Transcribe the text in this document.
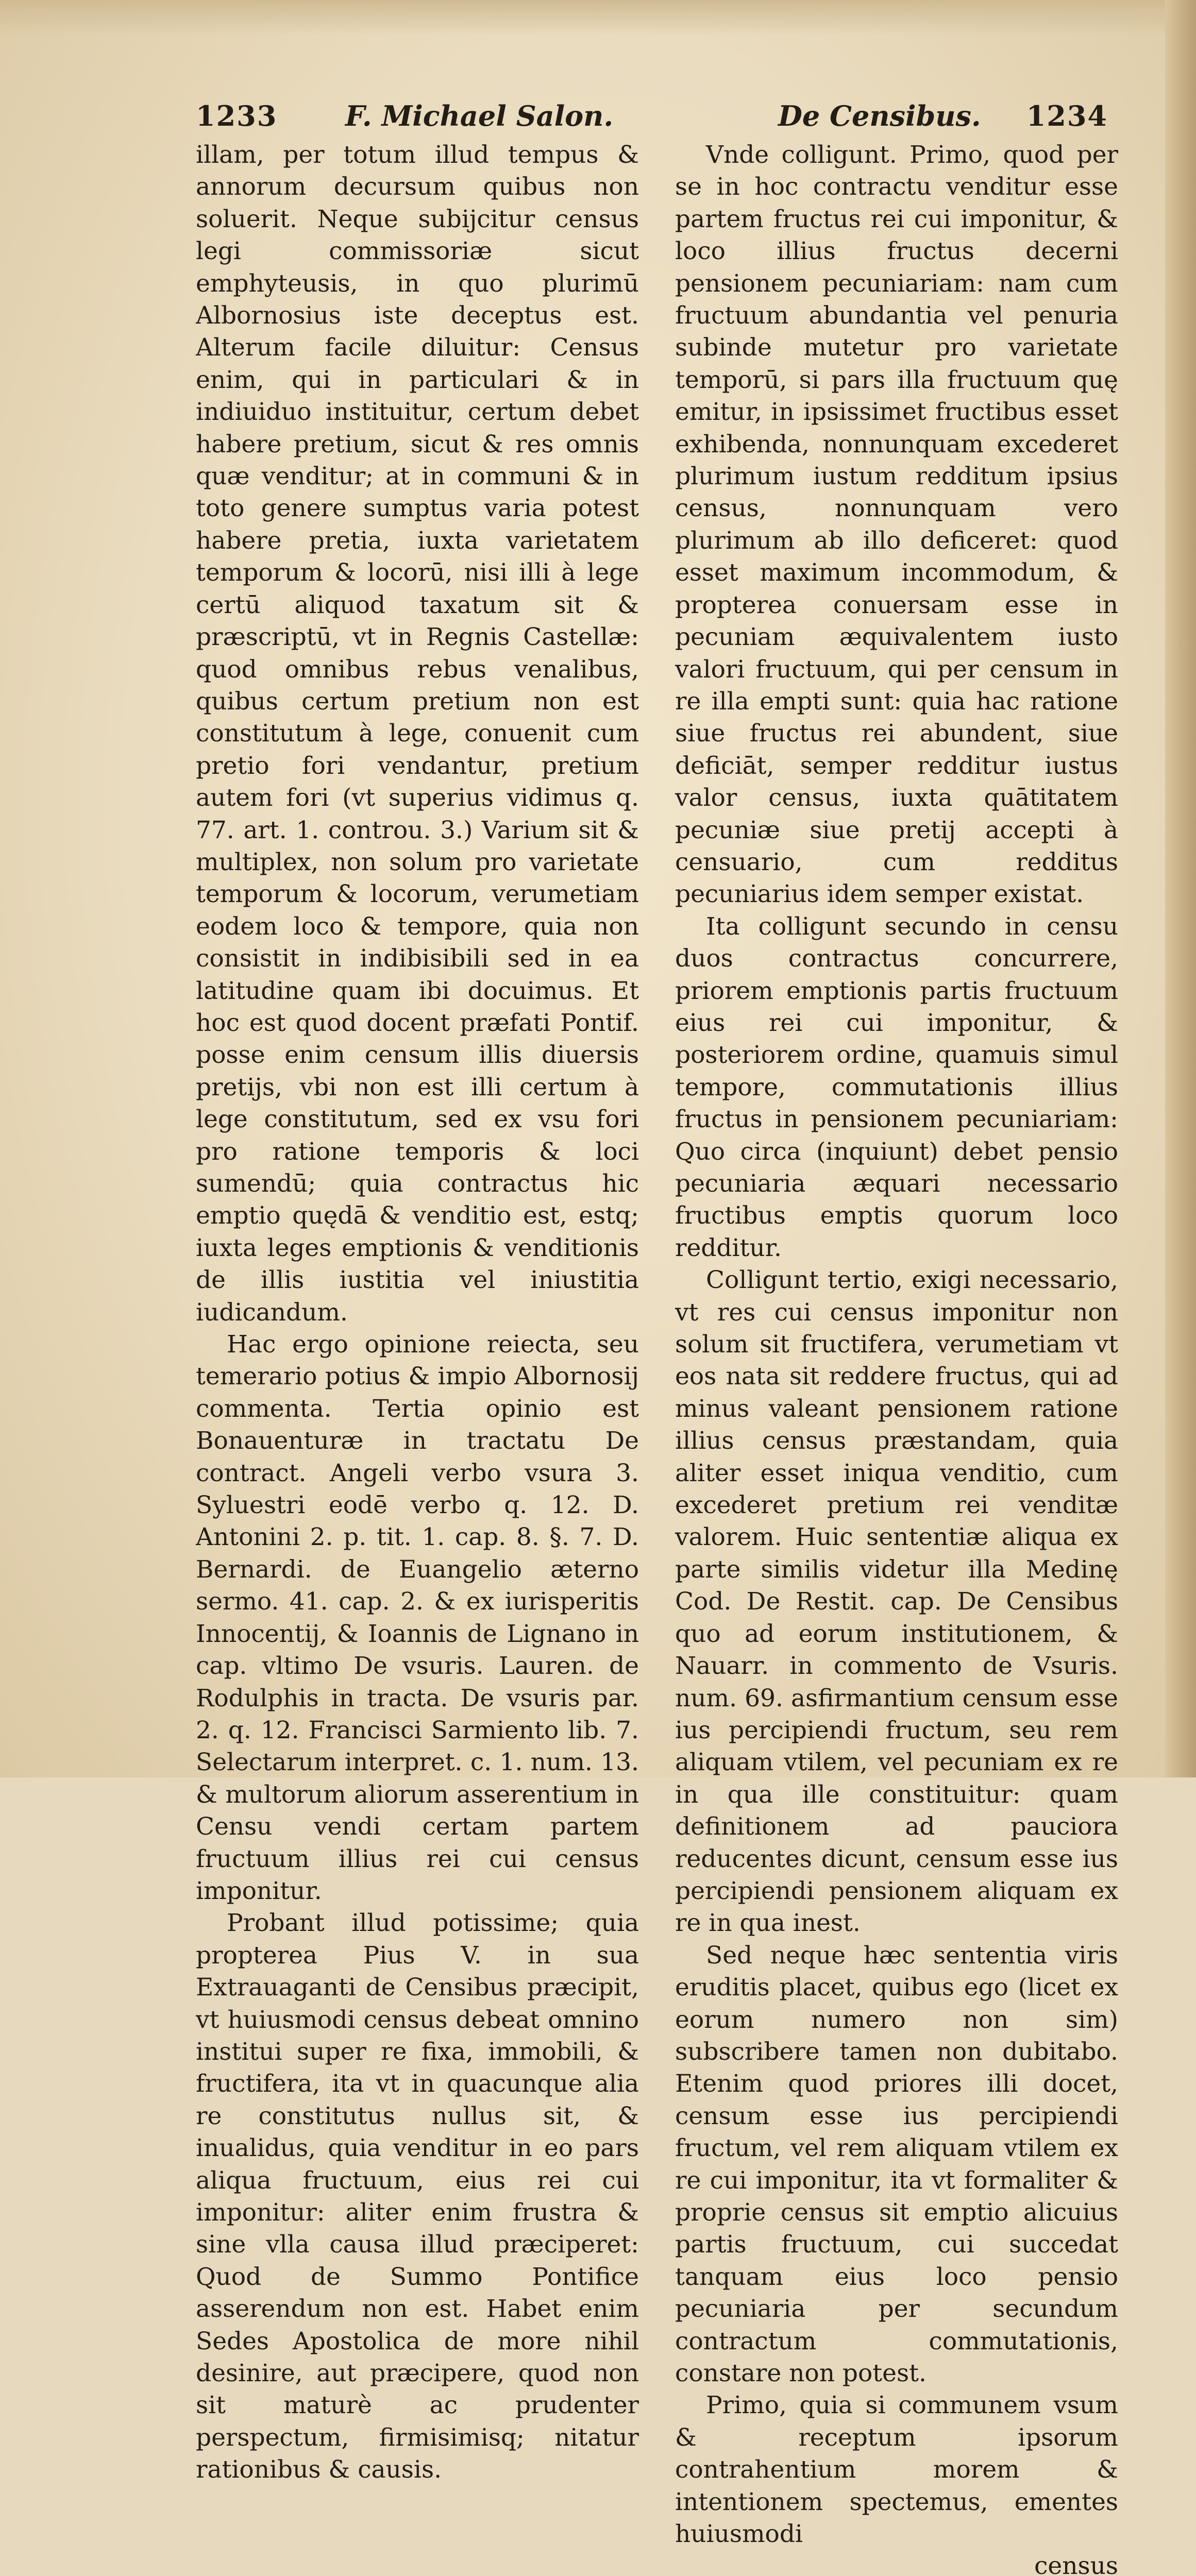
1233 F. Michael Salon.	De Censibus. 1234

illam, per totum illud tempus & annorum decursum quibus non soluerit. Neque subijcitur census legi commissoriæ sicut emphyteusis, in quo plurimū Albornosius iste deceptus est. Alterum facile diluitur: Census enim, qui in particulari & in indiuiduo instituitur, certum debet habere pretium, sicut & res omnis quæ venditur; at in communi & in toto genere sumptus varia potest habere pretia, iuxta varietatem temporum & locorū, nisi illi à lege certū aliquod taxatum sit & præscriptū, vt in Regnis Castellæ: quod omnibus rebus venalibus, quibus certum pretium non est constitutum à lege, conuenit cum pretio fori vendantur, pretium autem fori (vt superius vidimus q. 77. art. 1. controu. 3.) Varium sit & multiplex, non solum pro varietate temporum & locorum, verumetiam eodem loco & tempore, quia non consistit in indibisibili sed in ea latitudine quam ibi docuimus. Et hoc est quod docent præfati Pontif. posse enim censum illis diuersis pretijs, vbi non est illi certum à lege constitutum, sed ex vsu fori pro ratione temporis & loci sumendū; quia contractus hic emptio quędā & venditio est, estq; iuxta leges emptionis & venditionis de illis iustitia vel iniustitia iudicandum.

Hac ergo opinione reiecta, seu temerario potius & impio Albornosij commenta. Tertia opinio est Bonauenturæ in tractatu De contract. Angeli verbo vsura 3. Syluestri eodē verbo q. 12. D. Antonini 2. p. tit. 1. cap. 8. §. 7. D. Bernardi. de Euangelio æterno sermo. 41. cap. 2. & ex iurisperitis Innocentij, & Ioannis de Lignano in cap. vltimo De vsuris. Lauren. de Rodulphis in tracta. De vsuris par. 2. q. 12. Francisci Sarmiento lib. 7. Selectarum interpret. c. 1. num. 13. & multorum aliorum asserentium in Censu vendi certam partem fructuum illius rei cui census imponitur.

Probant illud potissime; quia propterea Pius V. in sua Extrauaganti de Censibus præcipit, vt huiusmodi census debeat omnino institui super re fixa, immobili, & fructifera, ita vt in quacunque alia re constitutus nullus sit, & inualidus, quia venditur in eo pars aliqua fructuum, eius rei cui imponitur: aliter enim frustra & sine vlla causa illud præciperet: Quod de Summo Pontifice asserendum non est. Habet enim Sedes Apostolica de more nihil desinire, aut præcipere, quod non sit maturè ac prudenter perspectum, firmisimisq; nitatur rationibus & causis.

Vnde colligunt. Primo, quod per se in hoc contractu venditur esse partem fructus rei cui imponitur, & loco illius fructus decerni pensionem pecuniariam: nam cum fructuum abundantia vel penuria subinde mutetur pro varietate temporū, si pars illa fructuum quę emitur, in ipsissimet fructibus esset exhibenda, nonnunquam excederet plurimum iustum redditum ipsius census, nonnunquam vero plurimum ab illo deficeret: quod esset maximum incommodum, & propterea conuersam esse in pecuniam æquivalentem iusto valori fructuum, qui per censum in re illa empti sunt: quia hac ratione siue fructus rei abundent, siue deficiāt, semper redditur iustus valor census, iuxta quātitatem pecuniæ siue pretij accepti à censuario, cum redditus pecuniarius idem semper existat.

Ita colligunt secundo in censu duos contractus concurrere, priorem emptionis partis fructuum eius rei cui imponitur, & posteriorem ordine, quamuis simul tempore, commutationis illius fructus in pensionem pecuniariam: Quo circa (inquiunt) debet pensio pecuniaria æquari necessario fructibus emptis quorum loco redditur.

Colligunt tertio, exigi necessario, vt res cui census imponitur non solum sit fructifera, verumetiam vt eos nata sit reddere fructus, qui ad minus valeant pensionem ratione illius census præstandam, quia aliter esset iniqua venditio, cum excederet pretium rei venditæ valorem. Huic sententiæ aliqua ex parte similis videtur illa Medinę Cod. De Restit. cap. De Censibus quo ad eorum institutionem, & Nauarr. in commento de Vsuris. num. 69. asfirmantium censum esse ius percipiendi fructum, seu rem aliquam vtilem, vel pecuniam ex re in qua ille constituitur: quam definitionem ad pauciora reducentes dicunt, censum esse ius percipiendi pensionem aliquam ex re in qua inest.

Sed neque hæc sententia viris eruditis placet, quibus ego (licet ex eorum numero non sim) subscribere tamen non dubitabo. Etenim quod priores illi docet, censum esse ius percipiendi fructum, vel rem aliquam vtilem ex re cui imponitur, ita vt formaliter & proprie census sit emptio alicuius partis fructuum, cui succedat tanquam eius loco pensio pecuniaria per secundum contractum commutationis, constare non potest.

Primo, quia si communem vsum & receptum ipsorum contrahentium morem & intentionem spectemus, ementes huiusmodi

census
